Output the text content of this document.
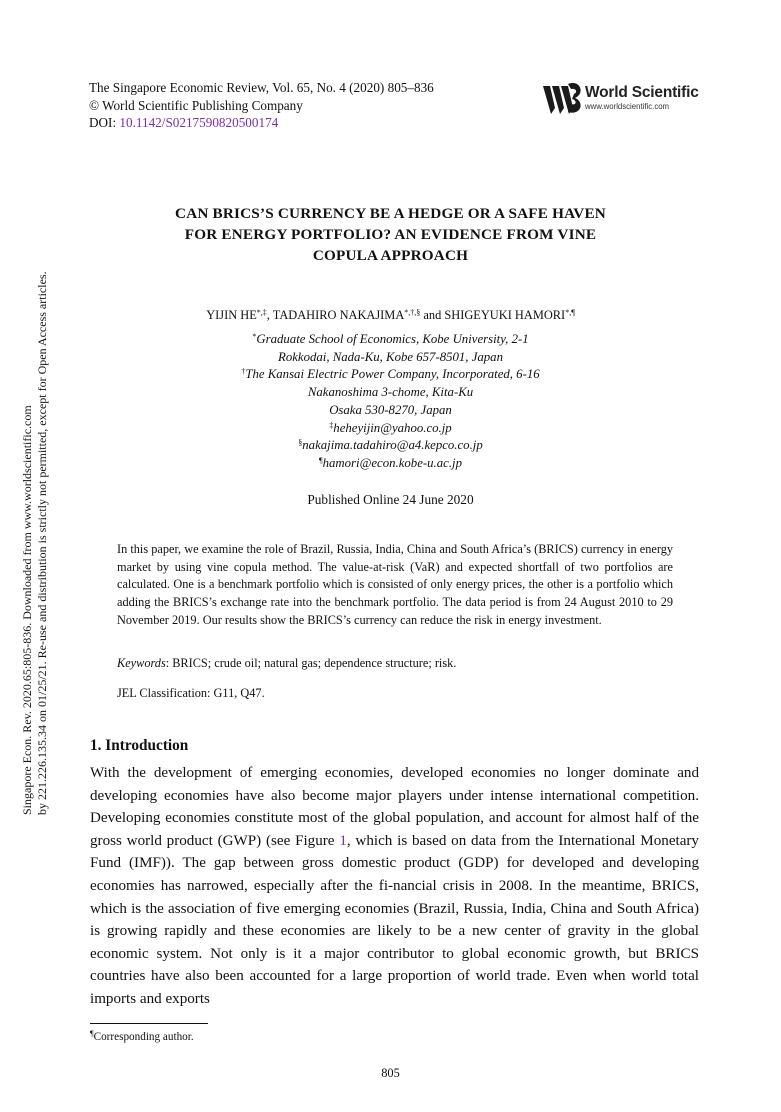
The Singapore Economic Review, Vol. 65, No. 4 (2020) 805–836
© World Scientific Publishing Company
DOI: 10.1142/S0217590820500174
World Scientific
www.worldscientific.com
Singapore Econ. Rev. 2020.65:805-836. Downloaded from www.worldscientific.com by 221.226.135.34 on 01/25/21. Re-use and distribution is strictly not permitted, except for Open Access articles.
CAN BRICS’S CURRENCY BE A HEDGE OR A SAFE HAVEN
FOR ENERGY PORTFOLIO? AN EVIDENCE FROM VINE
COPULA APPROACH
YIJIN HE*,‡, TADAHIRO NAKAJIMA*,†,§ and SHIGEYUKI HAMORI*,¶

*Graduate School of Economics, Kobe University, 2-1

Rokkodai, Nada-Ku, Kobe 657-8501, Japan

†The Kansai Electric Power Company, Incorporated, 6-16

Nakanoshima 3-chome, Kita-Ku

Osaka 530-8270, Japan

‡heheyijin@yahoo.co.jp

§nakajima.tadahiro@a4.kepco.co.jp

¶hamori@econ.kobe-u.ac.jp

Published Online 24 June 2020

In this paper, we examine the role of Brazil, Russia, India, China and South Africa’s (BRICS) currency in energy market by using vine copula method. The value-at-risk (VaR) and expected shortfall of two portfolios are calculated. One is a benchmark portfolio which is consisted of only energy prices, the other is a portfolio which adding the BRICS’s exchange rate into the benchmark portfolio. The data period is from 24 August 2010 to 29 November 2019. Our results show the BRICS’s currency can reduce the risk in energy investment.

Keywords: BRICS; crude oil; natural gas; dependence structure; risk.
JEL Classification: G11, Q47.
1. Introduction

With the development of emerging economies, developed economies no longer dominate and developing economies have also become major players under intense international competition. Developing economies constitute most of the global population, and account for almost half of the gross world product (GWP) (see Figure 1, which is based on data from the International Monetary Fund (IMF)). The gap between gross domestic product (GDP) for developed and developing economies has narrowed, especially after the fi-nancial crisis in 2008. In the meantime, BRICS, which is the association of five emerging economies (Brazil, Russia, India, China and South Africa) is growing rapidly and these economies are likely to be a new center of gravity in the global economic system. Not only is it a major contributor to global economic growth, but BRICS countries have also been accounted for a large proportion of world trade. Even when world total imports and exports

¶Corresponding author.
805
